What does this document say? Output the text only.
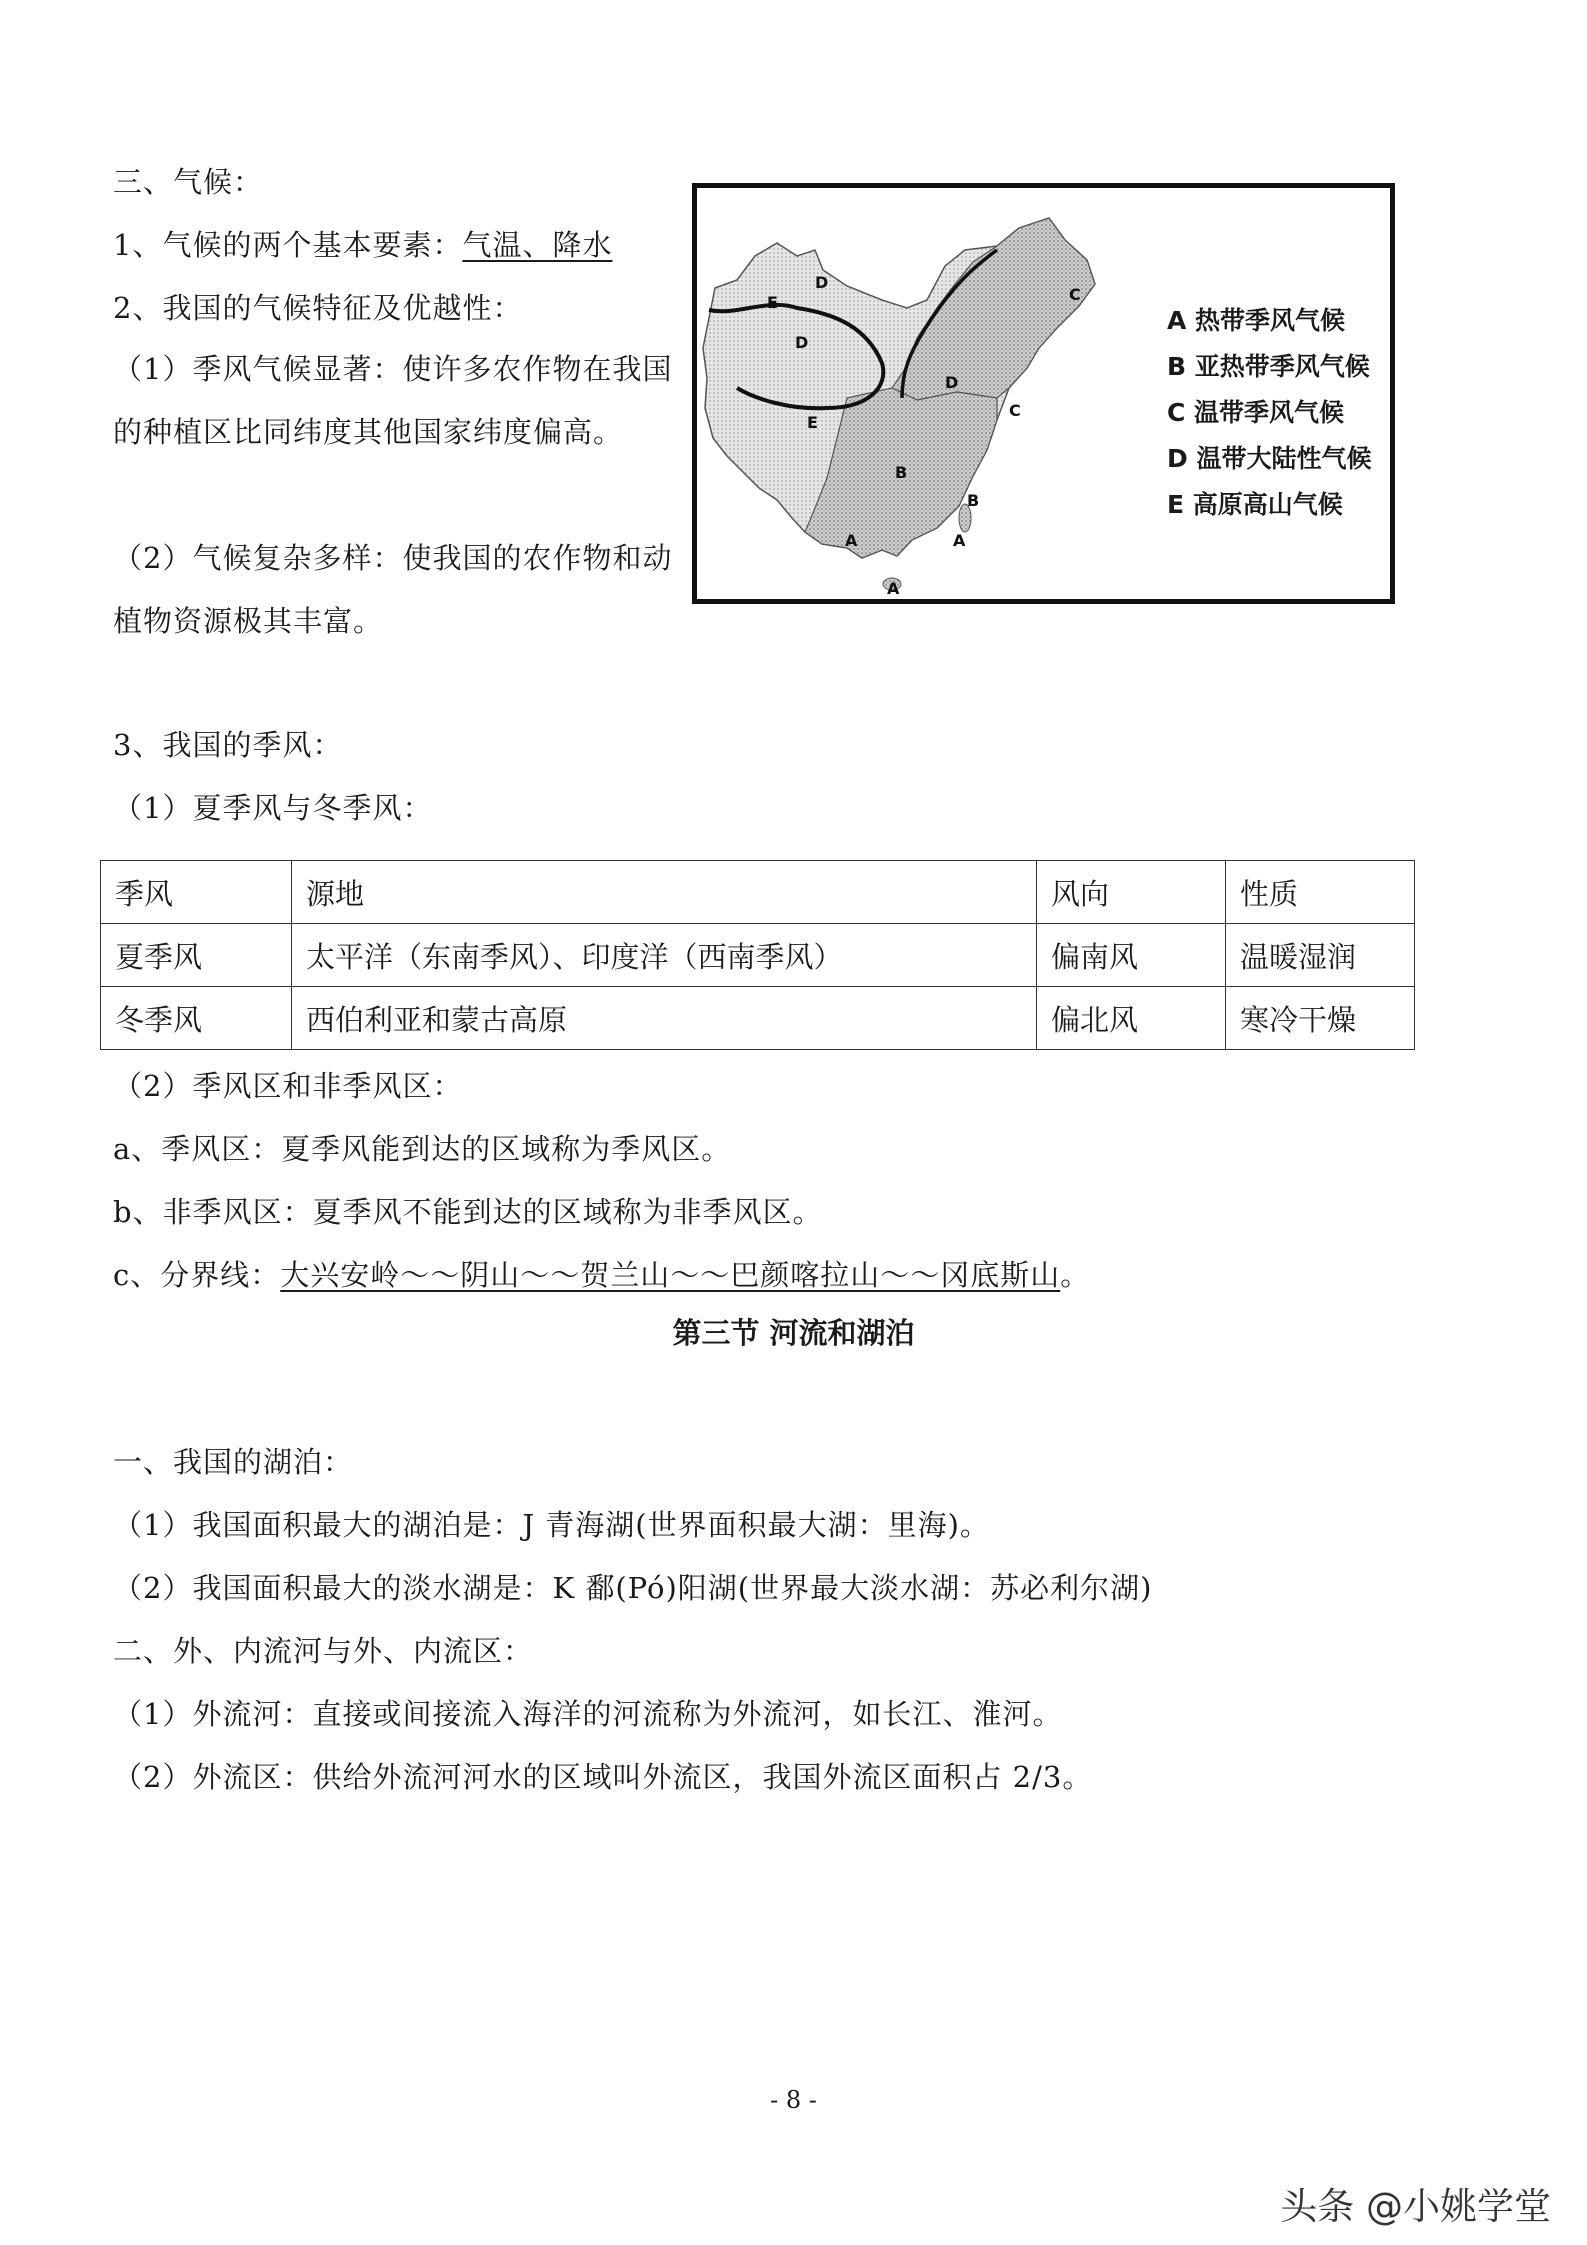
三、气候：
1、气候的两个基本要素：气温、降水
2、我国的气候特征及优越性：
（1）季风气候显著：使许多农作物在我国的种植区比同纬度其他国家纬度偏高。
（2）气候复杂多样：使我国的农作物和动植物资源极其丰富。
A
A
A
B
B
C
C
D
D
D
E
E
A 热带季风气候
B 亚热带季风气候
C 温带季风气候
D 温带大陆性气候
E 高原高山气候
3、我国的季风：
（1）夏季风与冬季风：
季风	源地	风向	性质
夏季风	太平洋（东南季风）、印度洋（西南季风）	偏南风	温暖湿润
冬季风	西伯利亚和蒙古高原	偏北风	寒冷干燥
（2）季风区和非季风区：
a、季风区：夏季风能到达的区域称为季风区。
b、非季风区：夏季风不能到达的区域称为非季风区。
c、分界线：大兴安岭～～阴山～～贺兰山～～巴颜喀拉山～～冈底斯山。
第三节 河流和湖泊
一、我国的湖泊：
（1）我国面积最大的湖泊是：J 青海湖(世界面积最大湖：里海)。
（2）我国面积最大的淡水湖是：K 鄱(Pó)阳湖(世界最大淡水湖：苏必利尔湖)
二、外、内流河与外、内流区：
（1）外流河：直接或间接流入海洋的河流称为外流河，如长江、淮河。
（2）外流区：供给外流河河水的区域叫外流区，我国外流区面积占 2/3。
- 8 -
头条 @小姚学堂
